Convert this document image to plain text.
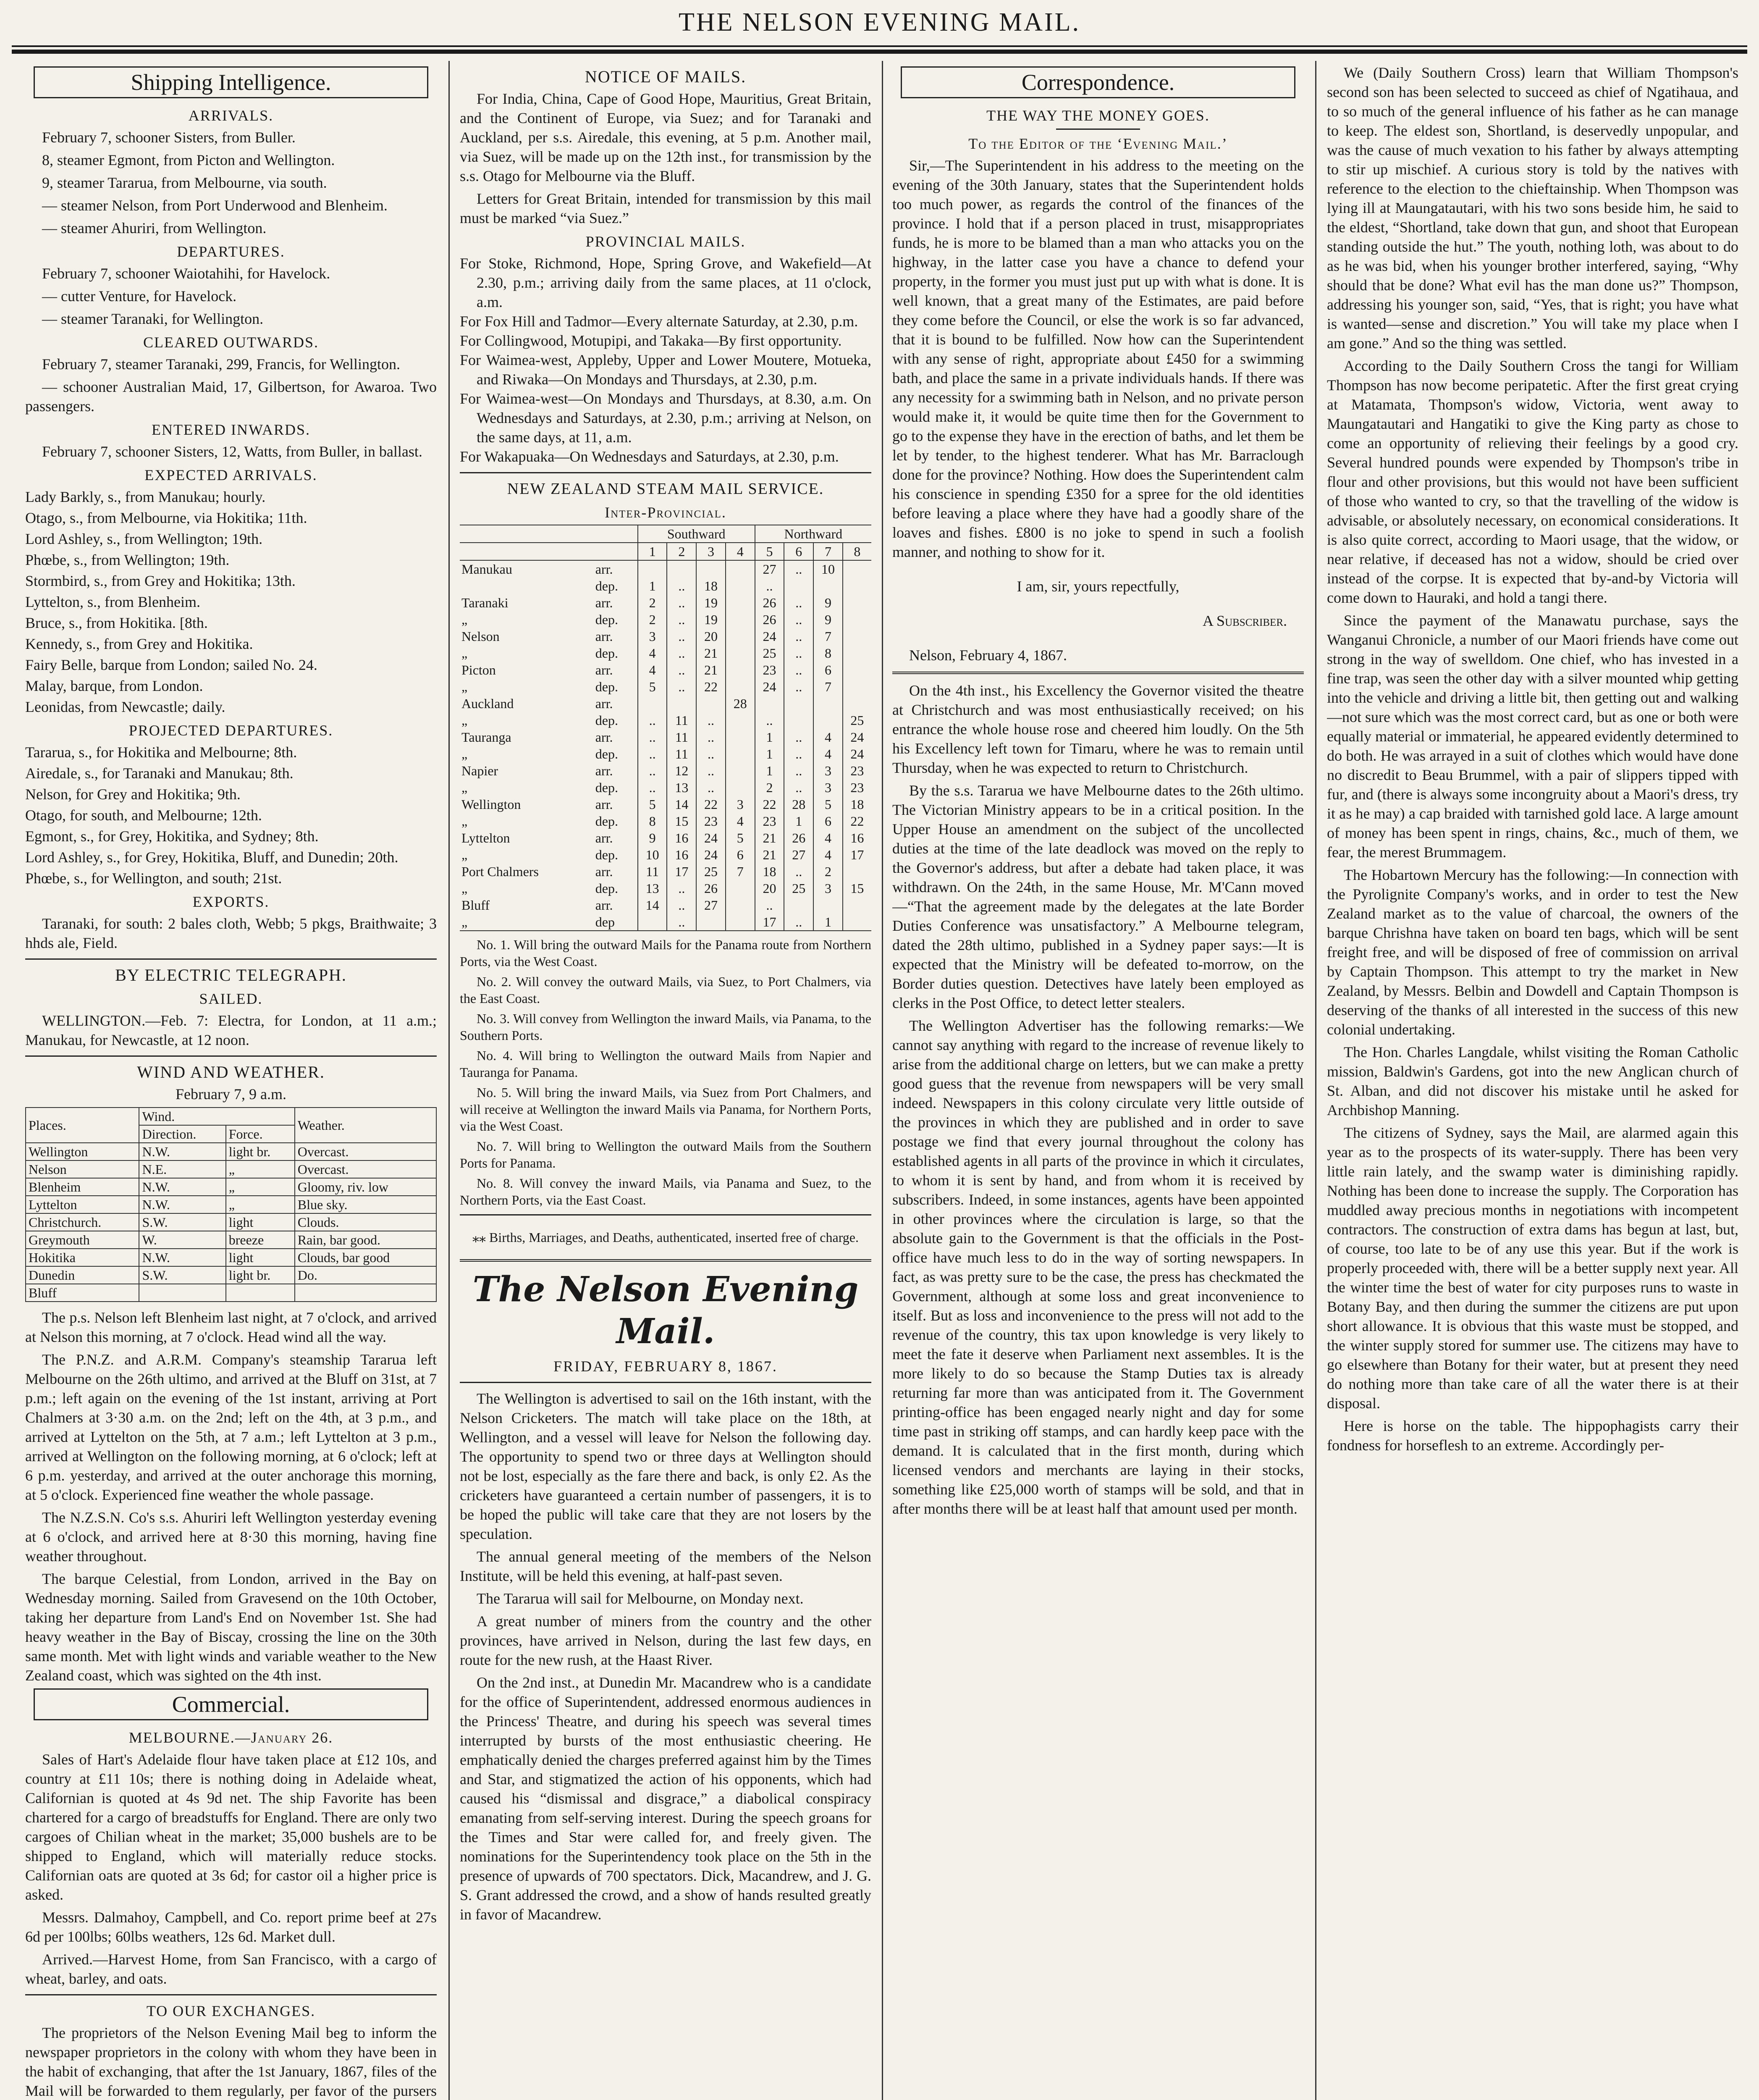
THE NELSON EVENING MAIL.
Shipping Intelligence.
ARRIVALS.

February 7, schooner Sisters, from Buller.

8, steamer Egmont, from Picton and Wellington.

9, steamer Tararua, from Melbourne, via south.

— steamer Nelson, from Port Underwood and Blenheim.

— steamer Ahuriri, from Wellington.

DEPARTURES.

February 7, schooner Waiotahihi, for Havelock.

— cutter Venture, for Havelock.

— steamer Taranaki, for Wellington.

CLEARED OUTWARDS.

February 7, steamer Taranaki, 299, Francis, for Wellington.

— schooner Australian Maid, 17, Gilbertson, for Awaroa. Two passengers.

ENTERED INWARDS.

February 7, schooner Sisters, 12, Watts, from Buller, in ballast.

EXPECTED ARRIVALS.

Lady Barkly, s., from Manukau; hourly.

Otago, s., from Melbourne, via Hokitika; 11th.

Lord Ashley, s., from Wellington; 19th.

Phœbe, s., from Wellington; 19th.

Stormbird, s., from Grey and Hokitika; 13th.

Lyttelton, s., from Blenheim.

Bruce, s., from Hokitika. [8th.

Kennedy, s., from Grey and Hokitika.

Fairy Belle, barque from London; sailed No. 24.

Malay, barque, from London.

Leonidas, from Newcastle; daily.

PROJECTED DEPARTURES.

Tararua, s., for Hokitika and Melbourne; 8th.

Airedale, s., for Taranaki and Manukau; 8th.

Nelson, for Grey and Hokitika; 9th.

Otago, for south, and Melbourne; 12th.

Egmont, s., for Grey, Hokitika, and Sydney; 8th.

Lord Ashley, s., for Grey, Hokitika, Bluff, and Dunedin; 20th.

Phœbe, s., for Wellington, and south; 21st.

EXPORTS.

Taranaki, for south: 2 bales cloth, Webb; 5 pkgs, Braithwaite; 3 hhds ale, Field.

BY ELECTRIC TELEGRAPH.
SAILED.

WELLINGTON.—Feb. 7: Electra, for London, at 11 a.m.; Manukau, for Newcastle, at 12 noon.

WIND AND WEATHER.
February 7, 9 a.m.
Places.	Wind.		Weather.
	Direction.	Force.	
Wellington	N.W.	light br.	Overcast.
Nelson	N.E.	„	Overcast.
Blenheim	N.W.	„	Gloomy, riv. low
Lyttelton	N.W.	„	Blue sky.
Christchurch.	S.W.	light	Clouds.
Greymouth	W.	breeze	Rain, bar good.
Hokitika	N.W.	light	Clouds, bar good
Dunedin	S.W.	light br.	Do.
Bluff			

The p.s. Nelson left Blenheim last night, at 7 o'clock, and arrived at Nelson this morning, at 7 o'clock. Head wind all the way.

The P.N.Z. and A.R.M. Company's steamship Tararua left Melbourne on the 26th ultimo, and arrived at the Bluff on 31st, at 7 p.m.; left again on the evening of the 1st instant, arriving at Port Chalmers at 3·30 a.m. on the 2nd; left on the 4th, at 3 p.m., and arrived at Lyttelton on the 5th, at 7 a.m.; left Lyttelton at 3 p.m., arrived at Wellington on the following morning, at 6 o'clock; left at 6 p.m. yesterday, and arrived at the outer anchorage this morning, at 5 o'clock. Experienced fine weather the whole passage.

The N.Z.S.N. Co's s.s. Ahuriri left Wellington yesterday evening at 6 o'clock, and arrived here at 8·30 this morning, having fine weather throughout.

The barque Celestial, from London, arrived in the Bay on Wednesday morning. Sailed from Gravesend on the 10th October, taking her departure from Land's End on November 1st. She had heavy weather in the Bay of Biscay, crossing the line on the 30th same month. Met with light winds and variable weather to the New Zealand coast, which was sighted on the 4th inst.

Commercial.
MELBOURNE.—January 26.

Sales of Hart's Adelaide flour have taken place at £12 10s, and country at £11 10s; there is nothing doing in Adelaide wheat, Californian is quoted at 4s 9d net. The ship Favorite has been chartered for a cargo of breadstuffs for England. There are only two cargoes of Chilian wheat in the market; 35,000 bushels are to be shipped to England, which will materially reduce stocks. Californian oats are quoted at 3s 6d; for castor oil a higher price is asked.

Messrs. Dalmahoy, Campbell, and Co. report prime beef at 27s 6d per 100lbs; 60lbs weathers, 12s 6d. Market dull.

Arrived.—Harvest Home, from San Francisco, with a cargo of wheat, barley, and oats.

TO OUR EXCHANGES.

The proprietors of the Nelson Evening Mail beg to inform the newspaper proprietors in the colony with whom they have been in the habit of exchanging, that after the 1st January, 1867, files of the Mail will be forwarded to them regularly, per favor of the pursers

NOTICE OF MAILS.

For India, China, Cape of Good Hope, Mauritius, Great Britain, and the Continent of Europe, via Suez; and for Taranaki and Auckland, per s.s. Airedale, this evening, at 5 p.m. Another mail, via Suez, will be made up on the 12th inst., for transmission by the s.s. Otago for Melbourne via the Bluff.

Letters for Great Britain, intended for transmission by this mail must be marked “via Suez.”

PROVINCIAL MAILS.

For Stoke, Richmond, Hope, Spring Grove, and Wakefield—At 2.30, p.m.; arriving daily from the same places, at 11 o'clock, a.m.

For Fox Hill and Tadmor—Every alternate Saturday, at 2.30, p.m.

For Collingwood, Motupipi, and Takaka—By first opportunity.

For Waimea-west, Appleby, Upper and Lower Moutere, Motueka, and Riwaka—On Mondays and Thursdays, at 2.30, p.m.

For Waimea-west—On Mondays and Thursdays, at 8.30, a.m. On Wednesdays and Saturdays, at 2.30, p.m.; arriving at Nelson, on the same days, at 11, a.m.

For Wakapuaka—On Wednesdays and Saturdays, at 2.30, p.m.

NEW ZEALAND STEAM MAIL SERVICE.
Inter-Provincial.
		Southward				Northward			
		1	2	3	4	5	6	7	8
Manukau	arr.					27	..	10	
	dep.	1	..	18		..			
Taranaki	arr.	2	..	19		26	..	9	
„	dep.	2	..	19		26	..	9	
Nelson	arr.	3	..	20		24	..	7	
„	dep.	4	..	21		25	..	8	
Picton	arr.	4	..	21		23	..	6	
„	dep.	5	..	22		24	..	7	
Auckland	arr.				28				
„	dep.	..	11	..		..			25
Tauranga	arr.	..	11	..		1	..	4	24
„	dep.	..	11	..		1	..	4	24
Napier	arr.	..	12	..		1	..	3	23
„	dep.	..	13	..		2	..	3	23
Wellington	arr.	5	14	22	3	22	28	5	18
„	dep.	8	15	23	4	23	1	6	22
Lyttelton	arr.	9	16	24	5	21	26	4	16
„	dep.	10	16	24	6	21	27	4	17
Port Chalmers	arr.	11	17	25	7	18	..	2	
„	dep.	13	..	26		20	25	3	15
Bluff	arr.	14	..	27		..			
„	dep		..			17	..	1	

No. 1. Will bring the outward Mails for the Panama route from Northern Ports, via the West Coast.

No. 2. Will convey the outward Mails, via Suez, to Port Chalmers, via the East Coast.

No. 3. Will convey from Wellington the inward Mails, via Panama, to the Southern Ports.

No. 4. Will bring to Wellington the outward Mails from Napier and Tauranga for Panama.

No. 5. Will bring the inward Mails, via Suez from Port Chalmers, and will receive at Wellington the inward Mails via Panama, for Northern Ports, via the West Coast.

No. 7. Will bring to Wellington the outward Mails from the Southern Ports for Panama.

No. 8. Will convey the inward Mails, via Panama and Suez, to the Northern Ports, via the East Coast.

⁎⁎ Births, Marriages, and Deaths, authenticated, inserted free of charge.

The Nelson Evening Mail.
FRIDAY, FEBRUARY 8, 1867.

The Wellington is advertised to sail on the 16th instant, with the Nelson Cricketers. The match will take place on the 18th, at Wellington, and a vessel will leave for Nelson the following day. The opportunity to spend two or three days at Wellington should not be lost, especially as the fare there and back, is only £2. As the cricketers have guaranteed a certain number of passengers, it is to be hoped the public will take care that they are not losers by the speculation.

The annual general meeting of the members of the Nelson Institute, will be held this evening, at half-past seven.

The Tararua will sail for Melbourne, on Monday next.

A great number of miners from the country and the other provinces, have arrived in Nelson, during the last few days, en route for the new rush, at the Haast River.

On the 2nd inst., at Dunedin Mr. Macandrew who is a candidate for the office of Superintendent, addressed enormous audiences in the Princess' Theatre, and during his speech was several times interrupted by bursts of the most enthusiastic cheering. He emphatically denied the charges preferred against him by the Times and Star, and stigmatized the action of his opponents, which had caused his “dismissal and disgrace,” a diabolical conspiracy emanating from self-serving interest. During the speech groans for the Times and Star were called for, and freely given. The nominations for the Superintendency took place on the 5th in the presence of upwards of 700 spectators. Dick, Macandrew, and J. G. S. Grant addressed the crowd, and a show of hands resulted greatly in favor of Macandrew.

Correspondence.
THE WAY THE MONEY GOES.
To the Editor of the ‘Evening Mail.’

Sir,—The Superintendent in his address to the meeting on the evening of the 30th January, states that the Superintendent holds too much power, as regards the control of the finances of the province. I hold that if a person placed in trust, misappropriates funds, he is more to be blamed than a man who attacks you on the highway, in the latter case you have a chance to defend your property, in the former you must just put up with what is done. It is well known, that a great many of the Estimates, are paid before they come before the Council, or else the work is so far advanced, that it is bound to be fulfilled. Now how can the Superintendent with any sense of right, appropriate about £450 for a swimming bath, and place the same in a private individuals hands. If there was any necessity for a swimming bath in Nelson, and no private person would make it, it would be quite time then for the Government to go to the expense they have in the erection of baths, and let them be let by tender, to the highest tenderer. What has Mr. Barraclough done for the province? Nothing. How does the Superintendent calm his conscience in spending £350 for a spree for the old identities before leaving a place where they have had a goodly share of the loaves and fishes. £800 is no joke to spend in such a foolish manner, and nothing to show for it.

I am, sir, yours repectfully,

A Subscriber.

Nelson, February 4, 1867.

On the 4th inst., his Excellency the Governor visited the theatre at Christchurch and was most enthusiastically received; on his entrance the whole house rose and cheered him loudly. On the 5th his Excellency left town for Timaru, where he was to remain until Thursday, when he was expected to return to Christchurch.

By the s.s. Tararua we have Melbourne dates to the 26th ultimo. The Victorian Ministry appears to be in a critical position. In the Upper House an amendment on the subject of the uncollected duties at the time of the late deadlock was moved on the reply to the Governor's address, but after a debate had taken place, it was withdrawn. On the 24th, in the same House, Mr. M'Cann moved—“That the agreement made by the delegates at the late Border Duties Conference was unsatisfactory.” A Melbourne telegram, dated the 28th ultimo, published in a Sydney paper says:—It is expected that the Ministry will be defeated to-morrow, on the Border duties question. Detectives have lately been employed as clerks in the Post Office, to detect letter stealers.

The Wellington Advertiser has the following remarks:—We cannot say anything with regard to the increase of revenue likely to arise from the additional charge on letters, but we can make a pretty good guess that the revenue from newspapers will be very small indeed. Newspapers in this colony circulate very little outside of the provinces in which they are published and in order to save postage we find that every journal throughout the colony has established agents in all parts of the province in which it circulates, to whom it is sent by hand, and from whom it is received by subscribers. Indeed, in some instances, agents have been appointed in other provinces where the circulation is large, so that the absolute gain to the Government is that the officials in the Post-office have much less to do in the way of sorting newspapers. In fact, as was pretty sure to be the case, the press has checkmated the Government, although at some loss and great inconvenience to itself. But as loss and inconvenience to the press will not add to the revenue of the country, this tax upon knowledge is very likely to meet the fate it deserve when Parliament next assembles. It is the more likely to do so because the Stamp Duties tax is already returning far more than was anticipated from it. The Government printing-office has been engaged nearly night and day for some time past in striking off stamps, and can hardly keep pace with the demand. It is calculated that in the first month, during which licensed vendors and merchants are laying in their stocks, something like £25,000 worth of stamps will be sold, and that in after months there will be at least half that amount used per month.

We (Daily Southern Cross) learn that William Thompson's second son has been selected to succeed as chief of Ngatihaua, and to so much of the general influence of his father as he can manage to keep. The eldest son, Shortland, is deservedly unpopular, and was the cause of much vexation to his father by always attempting to stir up mischief. A curious story is told by the natives with reference to the election to the chieftainship. When Thompson was lying ill at Maungatautari, with his two sons beside him, he said to the eldest, “Shortland, take down that gun, and shoot that European standing outside the hut.” The youth, nothing loth, was about to do as he was bid, when his younger brother interfered, saying, “Why should that be done? What evil has the man done us?” Thompson, addressing his younger son, said, “Yes, that is right; you have what is wanted—sense and discretion.” You will take my place when I am gone.” And so the thing was settled.

According to the Daily Southern Cross the tangi for William Thompson has now become peripatetic. After the first great crying at Matamata, Thompson's widow, Victoria, went away to Maungatautari and Hangatiki to give the King party as chose to come an opportunity of relieving their feelings by a good cry. Several hundred pounds were expended by Thompson's tribe in flour and other provisions, but this would not have been sufficient of those who wanted to cry, so that the travelling of the widow is advisable, or absolutely necessary, on economical considerations. It is also quite correct, according to Maori usage, that the widow, or near relative, if deceased has not a widow, should be cried over instead of the corpse. It is expected that by-and-by Victoria will come down to Hauraki, and hold a tangi there.

Since the payment of the Manawatu purchase, says the Wanganui Chronicle, a number of our Maori friends have come out strong in the way of swelldom. One chief, who has invested in a fine trap, was seen the other day with a silver mounted whip getting into the vehicle and driving a little bit, then getting out and walking—not sure which was the most correct card, but as one or both were equally material or immaterial, he appeared evidently determined to do both. He was arrayed in a suit of clothes which would have done no discredit to Beau Brummel, with a pair of slippers tipped with fur, and (there is always some incongruity about a Maori's dress, try it as he may) a cap braided with tarnished gold lace. A large amount of money has been spent in rings, chains, &c., much of them, we fear, the merest Brummagem.

The Hobartown Mercury has the following:—In connection with the Pyrolignite Company's works, and in order to test the New Zealand market as to the value of charcoal, the owners of the barque Chrishna have taken on board ten bags, which will be sent freight free, and will be disposed of free of commission on arrival by Captain Thompson. This attempt to try the market in New Zealand, by Messrs. Belbin and Dowdell and Captain Thompson is deserving of the thanks of all interested in the success of this new colonial undertaking.

The Hon. Charles Langdale, whilst visiting the Roman Catholic mission, Baldwin's Gardens, got into the new Anglican church of St. Alban, and did not discover his mistake until he asked for Archbishop Manning.

The citizens of Sydney, says the Mail, are alarmed again this year as to the prospects of its water-supply. There has been very little rain lately, and the swamp water is diminishing rapidly. Nothing has been done to increase the supply. The Corporation has muddled away precious months in negotiations with incompetent contractors. The construction of extra dams has begun at last, but, of course, too late to be of any use this year. But if the work is properly proceeded with, there will be a better supply next year. All the winter time the best of water for city purposes runs to waste in Botany Bay, and then during the summer the citizens are put upon short allowance. It is obvious that this waste must be stopped, and the winter supply stored for summer use. The citizens may have to go elsewhere than Botany for their water, but at present they need do nothing more than take care of all the water there is at their disposal.

Here is horse on the table. The hippophagists carry their fondness for horseflesh to an extreme. Accordingly per-
